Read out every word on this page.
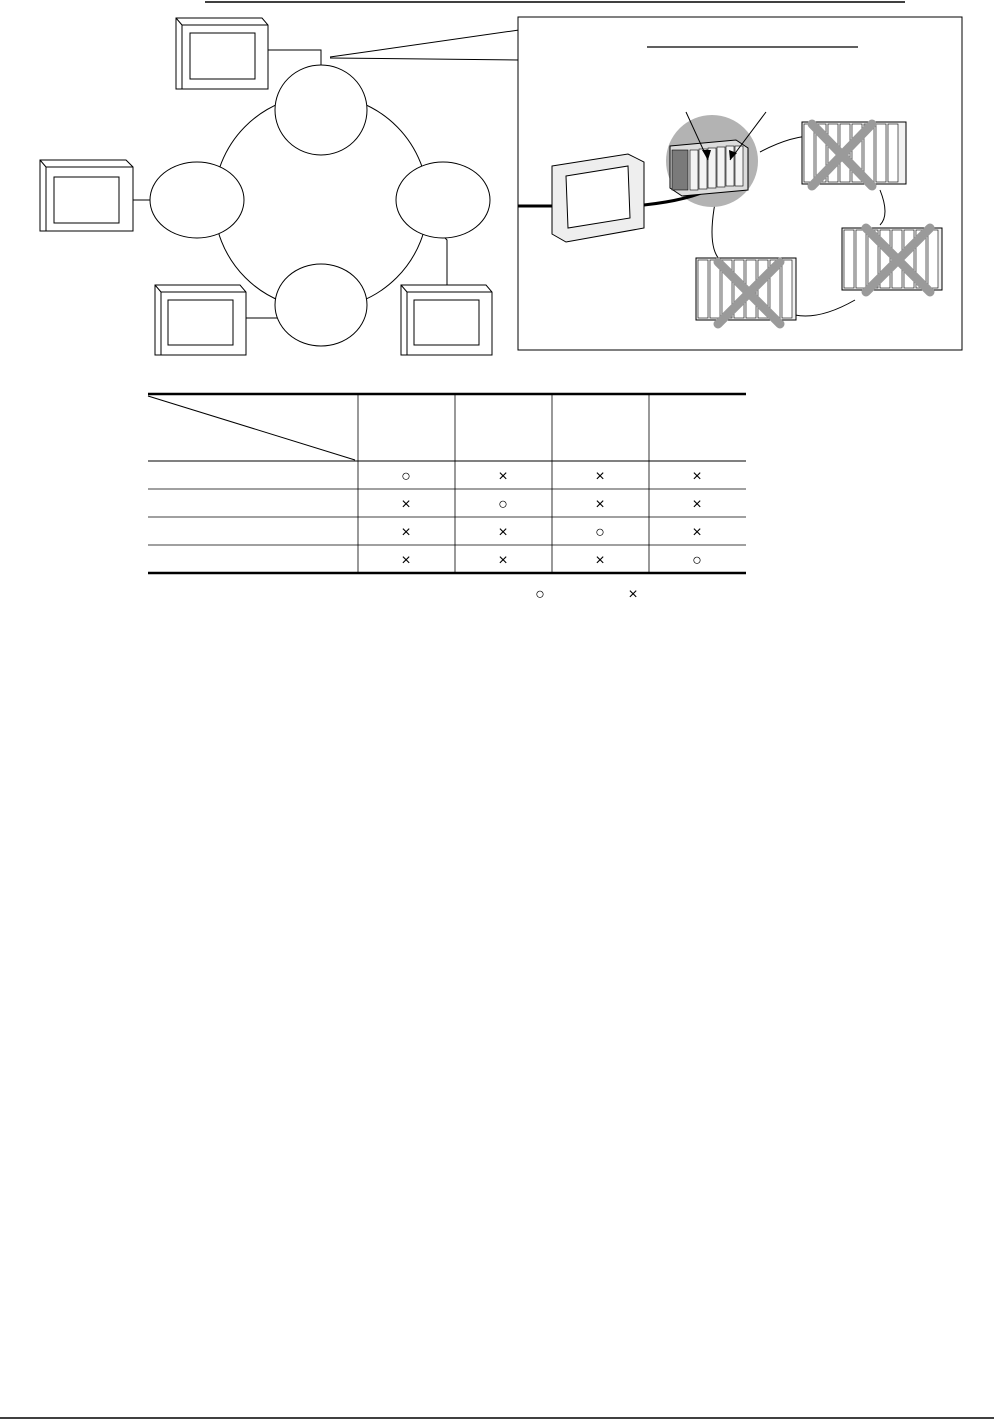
○	×	×	×
×	○	×	×
×	×	○	×
×	×	×	○
○	×
